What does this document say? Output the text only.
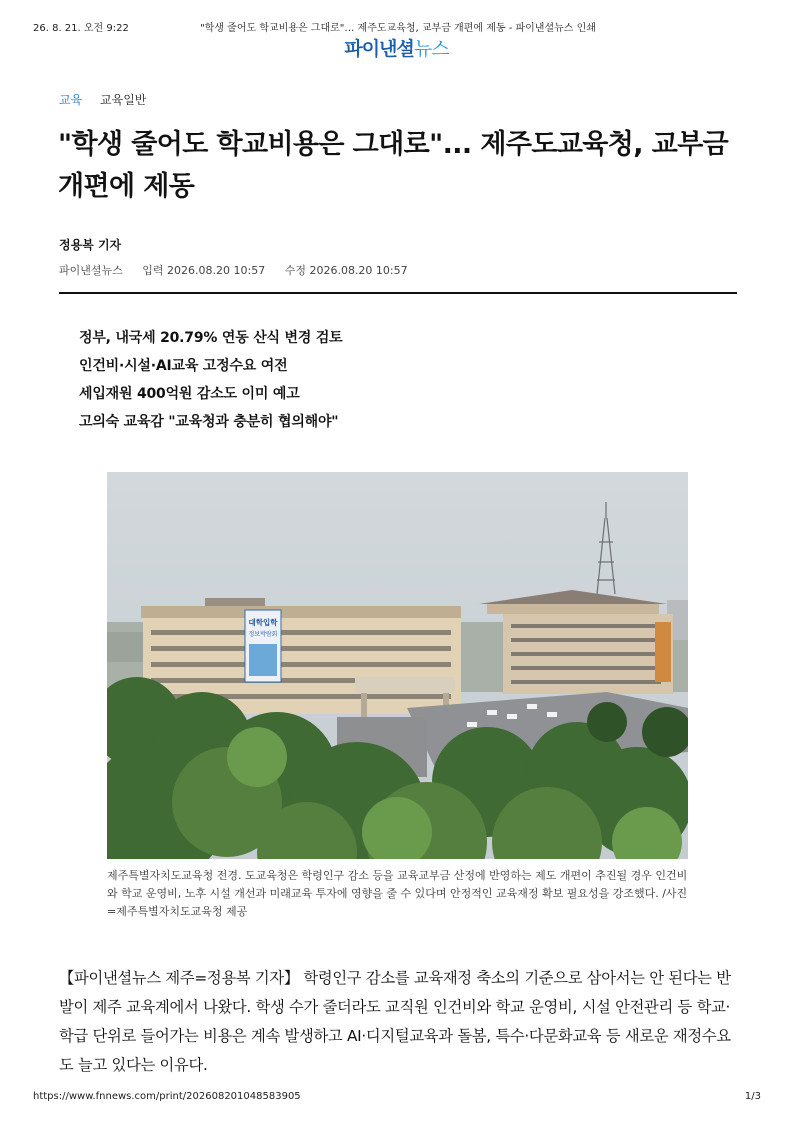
26. 8. 21. 오전 9:22	"학생 줄어도 학교비용은 그대로"… 제주도교육청, 교부금 개편에 제동 - 파이낸셜뉴스 인쇄
파이낸셜뉴스
교육 교육일반
"학생 줄어도 학교비용은 그대로"... 제주도교육청, 교부금 개편에 제동
정용복 기자
파이낸셜뉴스 입력 2026.08.20 10:57 수정 2026.08.20 10:57
정부, 내국세 20.79% 연동 산식 변경 검토
인건비·시설·AI교육 고정수요 여전
세입재원 400억원 감소도 이미 예고
고의숙 교육감 "교육청과 충분히 협의해야"
대학입학
정보박람회

제주특별자치도교육청 전경. 도교육청은 학령인구 감소 등을 교육교부금 산정에 반영하는 제도 개편이 추진될 경우 인건비와 학교 운영비, 노후 시설 개선과 미래교육 투자에 영향을 줄 수 있다며 안정적인 교육재정 확보 필요성을 강조했다. /사진=제주특별자치도교육청 제공

【파이낸셜뉴스 제주=정용복 기자】 학령인구 감소를 교육재정 축소의 기준으로 삼아서는 안 된다는 반발이 제주 교육계에서 나왔다. 학생 수가 줄더라도 교직원 인건비와 학교 운영비, 시설 안전관리 등 학교·학급 단위로 들어가는 비용은 계속 발생하고 AI·디지털교육과 돌봄, 특수·다문화교육 등 새로운 재정수요도 늘고 있다는 이유다.

https://www.fnnews.com/print/202608201048583905	1/3
